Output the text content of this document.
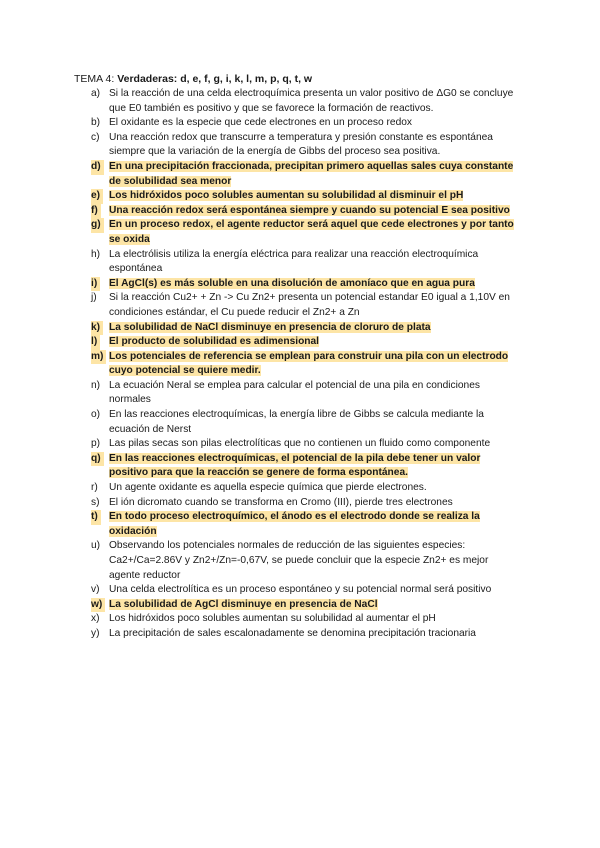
TEMA 4: Verdaderas: d, e, f, g, i, k, l, m, p, q, t, w
a) Si la reacción de una celda electroquímica presenta un valor positivo de ΔG0 se concluye que E0 también es positivo y que se favorece la formación de reactivos.
b) El oxidante es la especie que cede electrones en un proceso redox
c) Una reacción redox que transcurre a temperatura y presión constante es espontánea siempre que la variación de la energía de Gibbs del proceso sea positiva.
d) En una precipitación fraccionada, precipitan primero aquellas sales cuya constante de solubilidad sea menor
e) Los hidróxidos poco solubles aumentan su solubilidad al disminuir el pH
f) Una reacción redox será espontánea siempre y cuando su potencial E sea positivo
g) En un proceso redox, el agente reductor será aquel que cede electrones y por tanto se oxida
h) La electrólisis utiliza la energía eléctrica para realizar una reacción electroquímica espontánea
i) El AgCl(s) es más soluble en una disolución de amoníaco que en agua pura
j) Si la reacción Cu2+ + Zn -> Cu Zn2+ presenta un potencial estandar E0 igual a 1,10V en condiciones estándar, el Cu puede reducir el Zn2+ a Zn
k) La solubilidad de NaCl disminuye en presencia de cloruro de plata
l) El producto de solubilidad es adimensional
m) Los potenciales de referencia se emplean para construir una pila con un electrodo cuyo potencial se quiere medir.
n) La ecuación Neral se emplea para calcular el potencial de una pila en condiciones normales
o) En las reacciones electroquímicas, la energía libre de Gibbs se calcula mediante la ecuación de Nerst
p) Las pilas secas son pilas electrolíticas que no contienen un fluido como componente
q) En las reacciones electroquímicas, el potencial de la pila debe tener un valor positivo para que la reacción se genere de forma espontánea.
r) Un agente oxidante es aquella especie química que pierde electrones.
s) El ión dicromato cuando se transforma en Cromo (III), pierde tres electrones
t) En todo proceso electroquímico, el ánodo es el electrodo donde se realiza la oxidación
u) Observando los potenciales normales de reducción de las siguientes especies: Ca2+/Ca=2.86V y Zn2+/Zn=-0,67V, se puede concluir que la especie Zn2+ es mejor agente reductor
v) Una celda electrolítica es un proceso espontáneo y su potencial normal será positivo
w) La solubilidad de AgCl disminuye en presencia de NaCl
x) Los hidróxidos poco solubles aumentan su solubilidad al aumentar el pH
y) La precipitación de sales escalonadamente se denomina precipitación tracionaria
